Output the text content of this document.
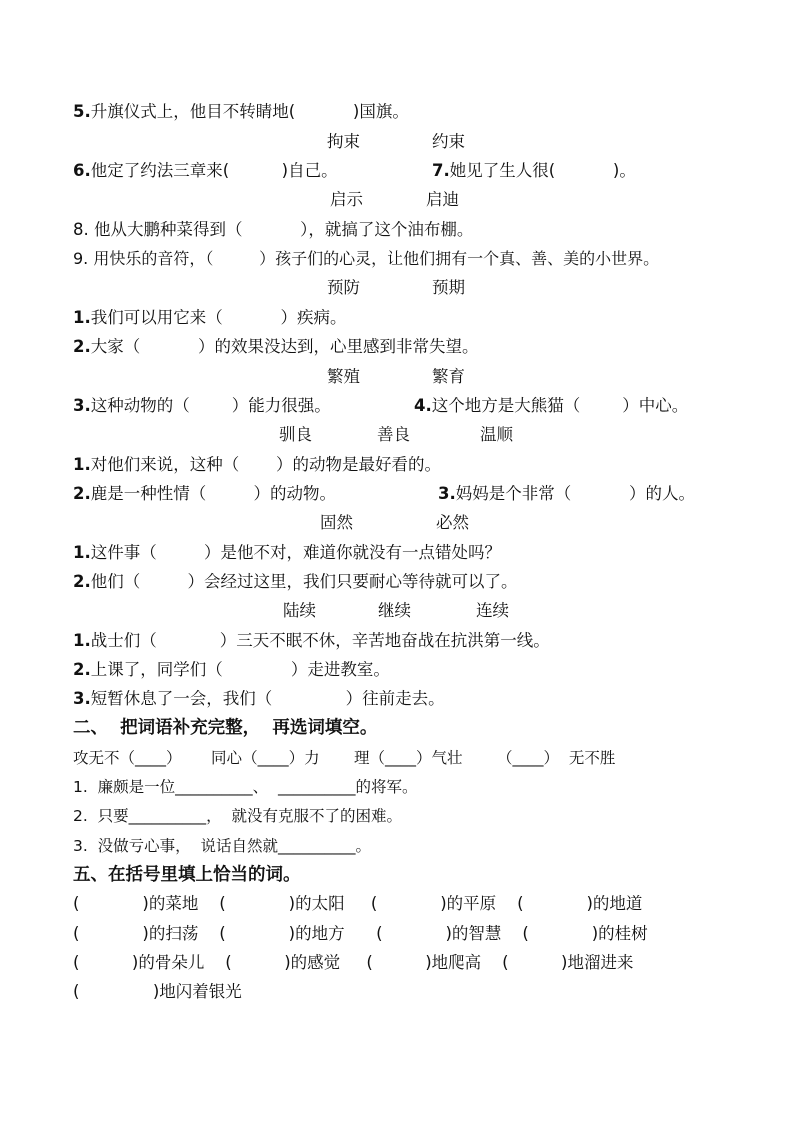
5.升旗仪式上，他目不转睛地(           )国旗。
拘束	约束
6.他定了约法三章来(          )自己。	7.她见了生人很(           )。
启示	启迪
8. 他从大鹏种菜得到（           ），就搞了这个油布棚。
9. 用快乐的音符，（         ）孩子们的心灵，让他们拥有一个真、善、美的小世界。
预防	预期
1.我们可以用它来（           ）疾病。
2.大家（           ）的效果没达到，心里感到非常失望。
繁殖	繁育
3.这种动物的（        ）能力很强。	4.这个地方是大熊猫（        ）中心。
驯良	善良	温顺
1.对他们来说，这种（       ）的动物是最好看的。
2.鹿是一种性情（         ）的动物。	3.妈妈是个非常（           ）的人。
固然	必然
1.这件事（         ）是他不对，难道你就没有一点错处吗？
2.他们（         ）会经过这里，我们只要耐心等待就可以了。
陆续	继续	连续
1.战士们（            ）三天不眠不休，辛苦地奋战在抗洪第一线。
2.上课了，同学们（             ）走进教室。
3.短暂休息了一会，我们（              ）往前走去。
二、  把词语补充完整，  再选词填空。
攻无不（____）      同心（____）力       理（____）气壮       （____）  无不胜
1.  廉颇是一位__________、  __________的将军。
2.  只要__________，  就没有克服不了的困难。
3.  没做亏心事，  说话自然就__________。
五、在括号里填上恰当的词。
(            )的菜地    (            )的太阳     (            )的平原    (            )的地道
(            )的扫荡    (            )的地方      (            )的智慧    (            )的桂树
(          )的骨朵儿    (          )的感觉     (          )地爬高    (          )地溜进来
(              )地闪着银光
